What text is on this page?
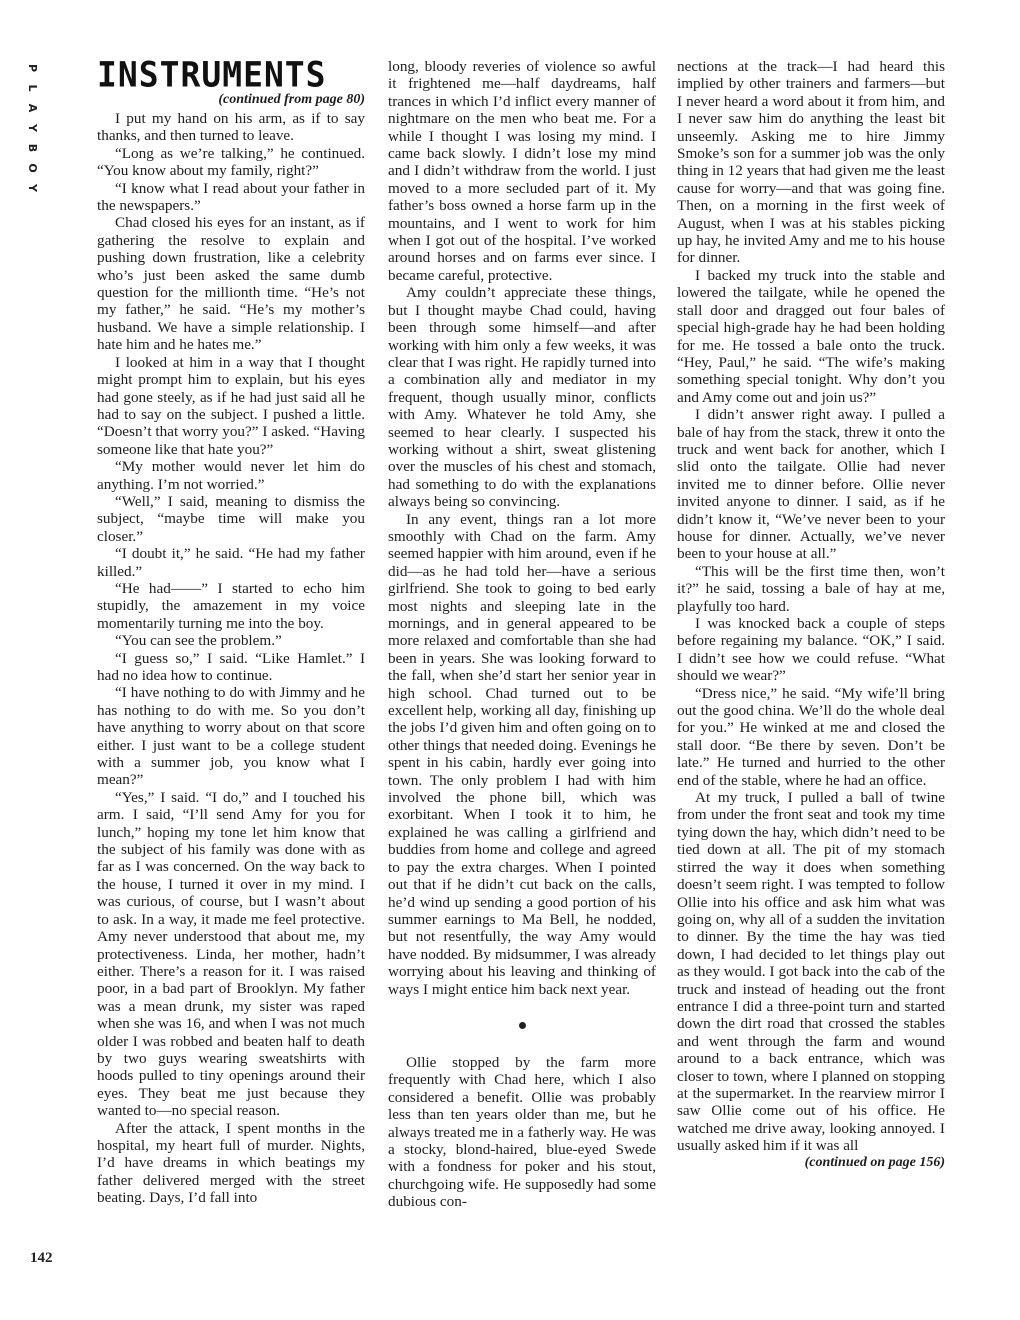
P
L
A
Y
B
O
Y
142
INSTRUMENTS
(continued from page 80)

I put my hand on his arm, as if to say thanks, and then turned to leave.

“Long as we’re talking,” he continued. “You know about my family, right?”

“I know what I read about your father in the newspapers.”

Chad closed his eyes for an instant, as if gathering the resolve to explain and pushing down frustration, like a celebrity who’s just been asked the same dumb question for the millionth time. “He’s not my father,” he said. “He’s my mother’s husband. We have a simple relationship. I hate him and he hates me.”

I looked at him in a way that I thought might prompt him to explain, but his eyes had gone steely, as if he had just said all he had to say on the subject. I pushed a little. “Doesn’t that worry you?” I asked. “Having someone like that hate you?”

“My mother would never let him do anything. I’m not worried.”

“Well,” I said, meaning to dismiss the subject, “maybe time will make you closer.”

“I doubt it,” he said. “He had my father killed.”

“He had——” I started to echo him stupidly, the amazement in my voice momentarily turning me into the boy.

“You can see the problem.”

“I guess so,” I said. “Like Hamlet.” I had no idea how to continue.

“I have nothing to do with Jimmy and he has nothing to do with me. So you don’t have anything to worry about on that score either. I just want to be a college student with a summer job, you know what I mean?”

“Yes,” I said. “I do,” and I touched his arm. I said, “I’ll send Amy for you for lunch,” hoping my tone let him know that the subject of his family was done with as far as I was concerned. On the way back to the house, I turned it over in my mind. I was curious, of course, but I wasn’t about to ask. In a way, it made me feel protective. Amy never understood that about me, my protectiveness. Linda, her mother, hadn’t either. There’s a reason for it. I was raised poor, in a bad part of Brooklyn. My father was a mean drunk, my sister was raped when she was 16, and when I was not much older I was robbed and beaten half to death by two guys wearing sweatshirts with hoods pulled to tiny openings around their eyes. They beat me just because they wanted to—no special reason.

After the attack, I spent months in the hospital, my heart full of murder. Nights, I’d have dreams in which beatings my father delivered merged with the street beating. Days, I’d fall into

long, bloody reveries of violence so awful it frightened me—half daydreams, half trances in which I’d inflict every manner of nightmare on the men who beat me. For a while I thought I was losing my mind. I came back slowly. I didn’t lose my mind and I didn’t withdraw from the world. I just moved to a more secluded part of it. My father’s boss owned a horse farm up in the mountains, and I went to work for him when I got out of the hospital. I’ve worked around horses and on farms ever since. I became careful, protective.

Amy couldn’t appreciate these things, but I thought maybe Chad could, having been through some himself—and after working with him only a few weeks, it was clear that I was right. He rapidly turned into a combination ally and mediator in my frequent, though usually minor, conflicts with Amy. Whatever he told Amy, she seemed to hear clearly. I suspected his working without a shirt, sweat glistening over the muscles of his chest and stomach, had something to do with the explanations always being so convincing.

In any event, things ran a lot more smoothly with Chad on the farm. Amy seemed happier with him around, even if he did—as he had told her—have a serious girlfriend. She took to going to bed early most nights and sleeping late in the mornings, and in general appeared to be more relaxed and comfortable than she had been in years. She was looking forward to the fall, when she’d start her senior year in high school. Chad turned out to be excellent help, working all day, finishing up the jobs I’d given him and often going on to other things that needed doing. Evenings he spent in his cabin, hardly ever going into town. The only problem I had with him involved the phone bill, which was exorbitant. When I took it to him, he explained he was calling a girlfriend and buddies from home and college and agreed to pay the extra charges. When I pointed out that if he didn’t cut back on the calls, he’d wind up sending a good portion of his summer earnings to Ma Bell, he nodded, but not resentfully, the way Amy would have nodded. By midsummer, I was already worrying about his leaving and thinking of ways I might entice him back next year.

Ollie stopped by the farm more frequently with Chad here, which I also considered a benefit. Ollie was probably less than ten years older than me, but he always treated me in a fatherly way. He was a stocky, blond-haired, blue-eyed Swede with a fondness for poker and his stout, churchgoing wife. He supposedly had some dubious con-

nections at the track—I had heard this implied by other trainers and farmers—but I never heard a word about it from him, and I never saw him do anything the least bit unseemly. Asking me to hire Jimmy Smoke’s son for a summer job was the only thing in 12 years that had given me the least cause for worry—and that was going fine. Then, on a morning in the first week of August, when I was at his stables picking up hay, he invited Amy and me to his house for dinner.

I backed my truck into the stable and lowered the tailgate, while he opened the stall door and dragged out four bales of special high-grade hay he had been holding for me. He tossed a bale onto the truck. “Hey, Paul,” he said. “The wife’s making something special tonight. Why don’t you and Amy come out and join us?”

I didn’t answer right away. I pulled a bale of hay from the stack, threw it onto the truck and went back for another, which I slid onto the tailgate. Ollie had never invited me to dinner before. Ollie never invited anyone to dinner. I said, as if he didn’t know it, “We’ve never been to your house for dinner. Actually, we’ve never been to your house at all.”

“This will be the first time then, won’t it?” he said, tossing a bale of hay at me, playfully too hard.

I was knocked back a couple of steps before regaining my balance. “OK,” I said. I didn’t see how we could refuse. “What should we wear?”

“Dress nice,” he said. “My wife’ll bring out the good china. We’ll do the whole deal for you.” He winked at me and closed the stall door. “Be there by seven. Don’t be late.” He turned and hurried to the other end of the stable, where he had an office.

At my truck, I pulled a ball of twine from under the front seat and took my time tying down the hay, which didn’t need to be tied down at all. The pit of my stomach stirred the way it does when something doesn’t seem right. I was tempted to follow Ollie into his office and ask him what was going on, why all of a sudden the invitation to dinner. By the time the hay was tied down, I had decided to let things play out as they would. I got back into the cab of the truck and instead of heading out the front entrance I did a three-point turn and started down the dirt road that crossed the stables and went through the farm and wound around to a back entrance, which was closer to town, where I planned on stopping at the supermarket. In the rearview mirror I saw Ollie come out of his office. He watched me drive away, looking annoyed. I usually asked him if it was all

(continued on page 156)
